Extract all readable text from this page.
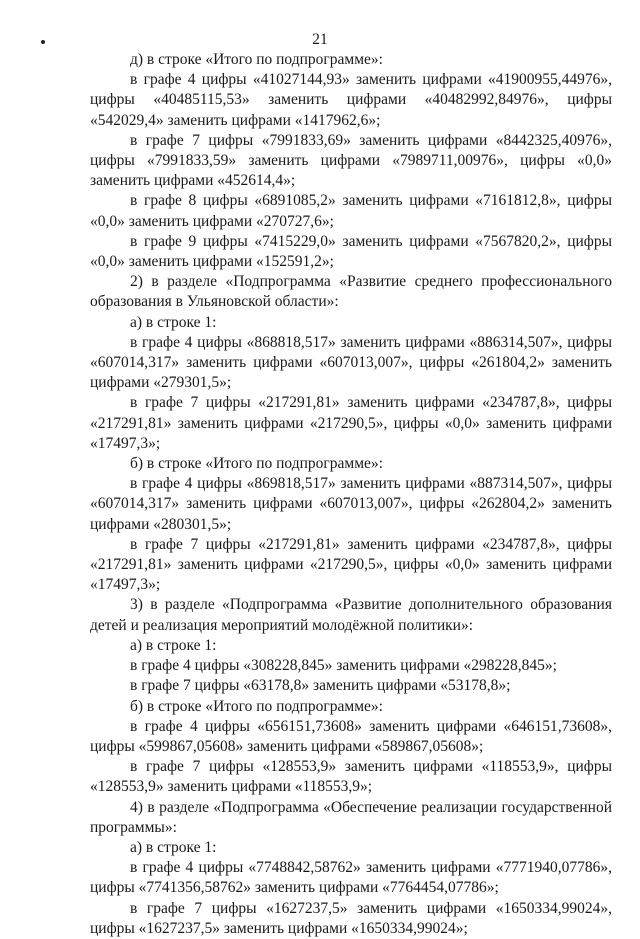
21

д) в строке «Итого по подпрограмме»:

в графе 4 цифры «41027144,93» заменить цифрами «41900955,44976», цифры «40485115,53» заменить цифрами «40482992,84976», цифры «542029,4» заменить цифрами «1417962,6»;

в графе 7 цифры «7991833,69» заменить цифрами «8442325,40976», цифры «7991833,59» заменить цифрами «7989711,00976», цифры «0,0» заменить цифрами «452614,4»;

в графе 8 цифры «6891085,2» заменить цифрами «7161812,8», цифры «0,0» заменить цифрами «270727,6»;

в графе 9 цифры «7415229,0» заменить цифрами «7567820,2», цифры «0,0» заменить цифрами «152591,2»;

2) в разделе «Подпрограмма «Развитие среднего профессионального образования в Ульяновской области»:

а) в строке 1:

в графе 4 цифры «868818,517» заменить цифрами «886314,507», цифры «607014,317» заменить цифрами «607013,007», цифры «261804,2» заменить цифрами «279301,5»;

в графе 7 цифры «217291,81» заменить цифрами «234787,8», цифры «217291,81» заменить цифрами «217290,5», цифры «0,0» заменить цифрами «17497,3»;

б) в строке «Итого по подпрограмме»:

в графе 4 цифры «869818,517» заменить цифрами «887314,507», цифры «607014,317» заменить цифрами «607013,007», цифры «262804,2» заменить цифрами «280301,5»;

в графе 7 цифры «217291,81» заменить цифрами «234787,8», цифры «217291,81» заменить цифрами «217290,5», цифры «0,0» заменить цифрами «17497,3»;

3) в разделе «Подпрограмма «Развитие дополнительного образования детей и реализация мероприятий молодёжной политики»:

а) в строке 1:

в графе 4 цифры «308228,845» заменить цифрами «298228,845»;

в графе 7 цифры «63178,8» заменить цифрами «53178,8»;

б) в строке «Итого по подпрограмме»:

в графе 4 цифры «656151,73608» заменить цифрами «646151,73608», цифры «599867,05608» заменить цифрами «589867,05608»;

в графе 7 цифры «128553,9» заменить цифрами «118553,9», цифры «128553,9» заменить цифрами «118553,9»;

4) в разделе «Подпрограмма «Обеспечение реализации государственной программы»:

а) в строке 1:

в графе 4 цифры «7748842,58762» заменить цифрами «7771940,07786», цифры «7741356,58762» заменить цифрами «7764454,07786»;

в графе 7 цифры «1627237,5» заменить цифрами «1650334,99024», цифры «1627237,5» заменить цифрами «1650334,99024»;
